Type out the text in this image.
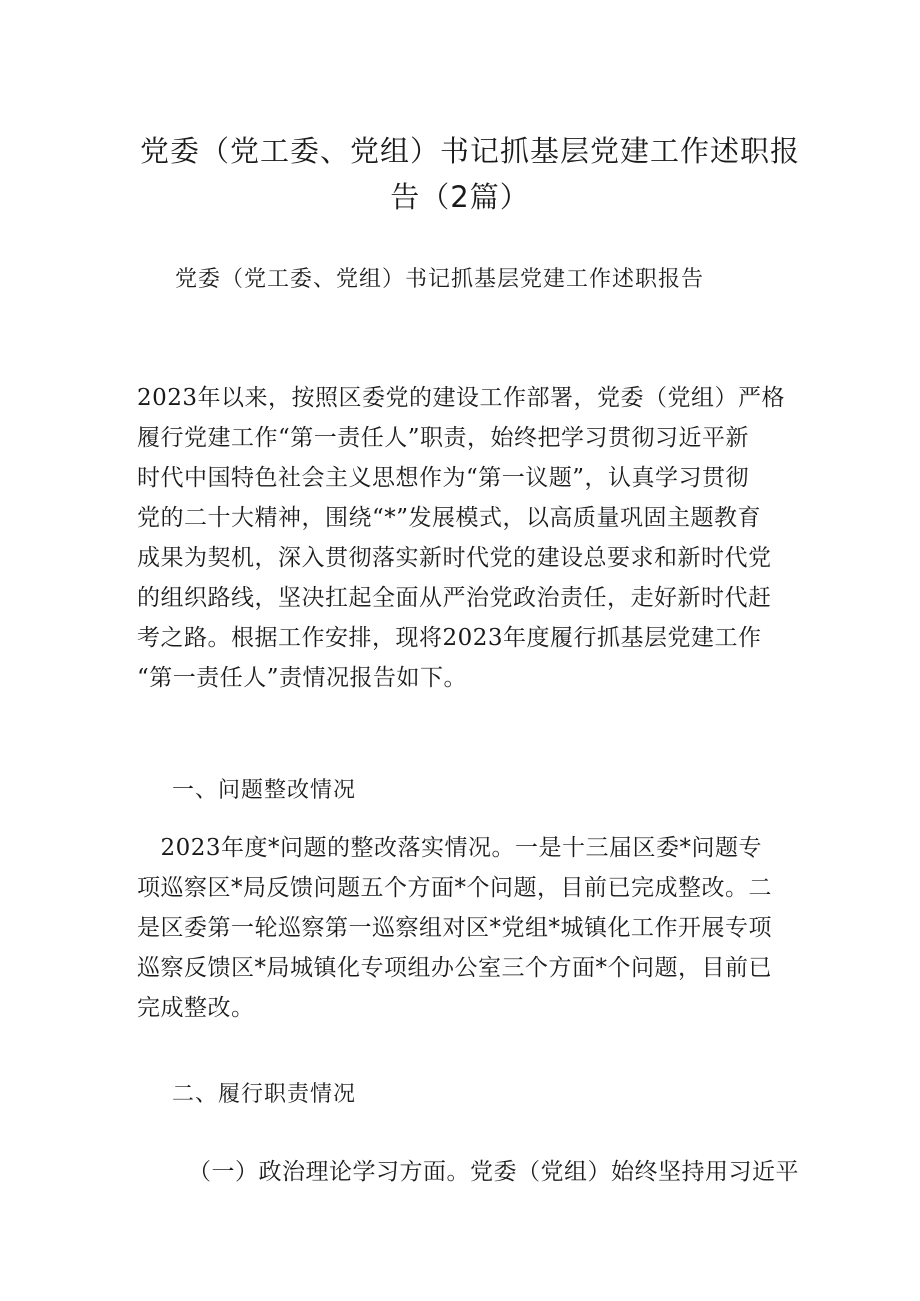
党委（党工委、党组）书记抓基层党建工作述职报
告（2篇）

党委（党工委、党组）书记抓基层党建工作述职报告

2023年以来，按照区委党的建设工作部署，党委（党组）严格
履行党建工作“第一责任人”职责，始终把学习贯彻习近平新
时代中国特色社会主义思想作为“第一议题”，认真学习贯彻
党的二十大精神，围绕“*”发展模式，以高质量巩固主题教育
成果为契机，深入贯彻落实新时代党的建设总要求和新时代党
的组织路线，坚决扛起全面从严治党政治责任，走好新时代赶
考之路。根据工作安排，现将2023年度履行抓基层党建工作
“第一责任人”责情况报告如下。

一、问题整改情况

　2023年度*问题的整改落实情况。一是十三届区委*问题专
项巡察区*局反馈问题五个方面*个问题，目前已完成整改。二
是区委第一轮巡察第一巡察组对区*党组*城镇化工作开展专项
巡察反馈区*局城镇化专项组办公室三个方面*个问题，目前已
完成整改。

二、履行职责情况

（一）政治理论学习方面。党委（党组）始终坚持用习近平
